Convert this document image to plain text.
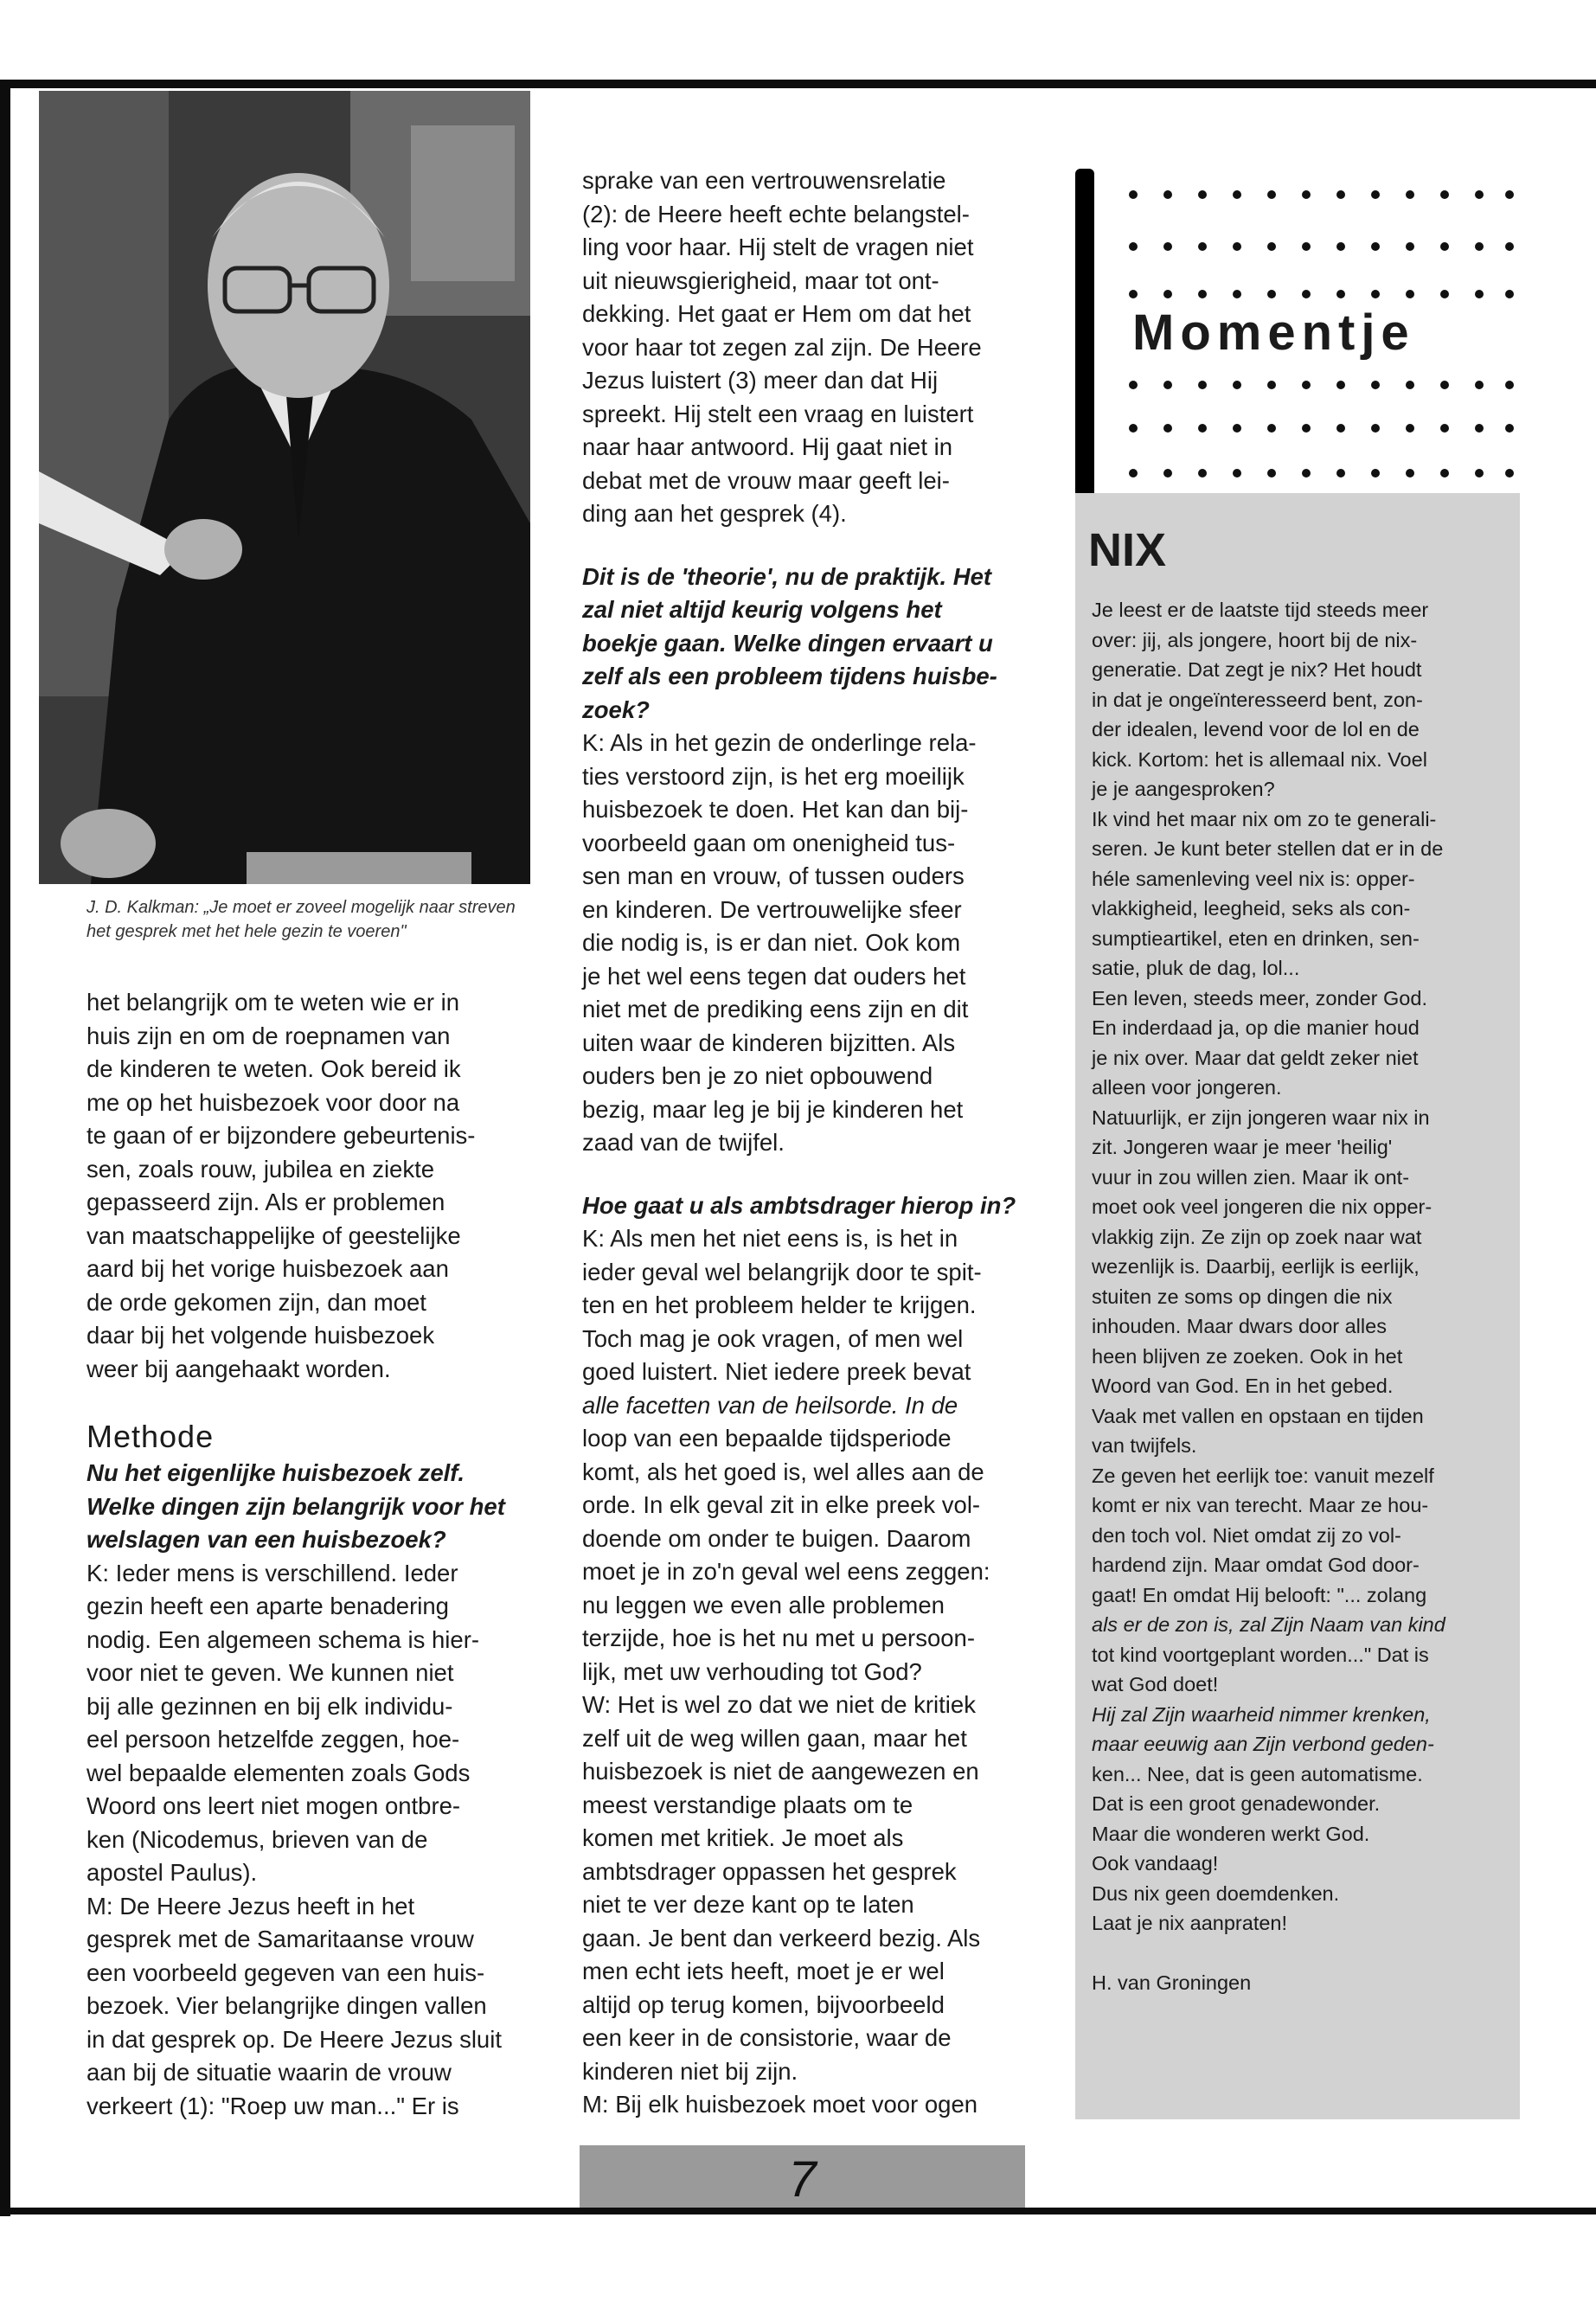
J. D. Kalkman: „Je moet er zoveel mogelijk naar streven het gesprek met het hele gezin te voeren"

het belangrijk om te weten wie er in

huis zijn en om de roepnamen van

de kinderen te weten. Ook bereid ik

me op het huisbezoek voor door na

te gaan of er bijzondere gebeurtenis-

sen, zoals rouw, jubilea en ziekte

gepasseerd zijn. Als er problemen

van maatschappelijke of geestelijke

aard bij het vorige huisbezoek aan

de orde gekomen zijn, dan moet

daar bij het volgende huisbezoek

weer bij aangehaakt worden.

Methode

Nu het eigenlijke huisbezoek zelf.

Welke dingen zijn belangrijk voor het

welslagen van een huisbezoek?

K: Ieder mens is verschillend. Ieder

gezin heeft een aparte benadering

nodig. Een algemeen schema is hier-

voor niet te geven. We kunnen niet

bij alle gezinnen en bij elk individu-

eel persoon hetzelfde zeggen, hoe-

wel bepaalde elementen zoals Gods

Woord ons leert niet mogen ontbre-

ken (Nicodemus, brieven van de

apostel Paulus).

M: De Heere Jezus heeft in het

gesprek met de Samaritaanse vrouw

een voorbeeld gegeven van een huis-

bezoek. Vier belangrijke dingen vallen

in dat gesprek op. De Heere Jezus sluit

aan bij de situatie waarin de vrouw

verkeert (1): "Roep uw man..." Er is

sprake van een vertrouwensrelatie

(2): de Heere heeft echte belangstel-

ling voor haar. Hij stelt de vragen niet

uit nieuwsgierigheid, maar tot ont-

dekking. Het gaat er Hem om dat het

voor haar tot zegen zal zijn. De Heere

Jezus luistert (3) meer dan dat Hij

spreekt. Hij stelt een vraag en luistert

naar haar antwoord. Hij gaat niet in

debat met de vrouw maar geeft lei-

ding aan het gesprek (4).

Dit is de 'theorie', nu de praktijk. Het

zal niet altijd keurig volgens het

boekje gaan. Welke dingen ervaart u

zelf als een probleem tijdens huisbe-

zoek?

K: Als in het gezin de onderlinge rela-

ties verstoord zijn, is het erg moeilijk

huisbezoek te doen. Het kan dan bij-

voorbeeld gaan om onenigheid tus-

sen man en vrouw, of tussen ouders

en kinderen. De vertrouwelijke sfeer

die nodig is, is er dan niet. Ook kom

je het wel eens tegen dat ouders het

niet met de prediking eens zijn en dit

uiten waar de kinderen bijzitten. Als

ouders ben je zo niet opbouwend

bezig, maar leg je bij je kinderen het

zaad van de twijfel.

Hoe gaat u als ambtsdrager hierop in?

K: Als men het niet eens is, is het in

ieder geval wel belangrijk door te spit-

ten en het probleem helder te krijgen.

Toch mag je ook vragen, of men wel

goed luistert. Niet iedere preek bevat

alle facetten van de heilsorde. In de

loop van een bepaalde tijdsperiode

komt, als het goed is, wel alles aan de

orde. In elk geval zit in elke preek vol-

doende om onder te buigen. Daarom

moet je in zo'n geval wel eens zeggen:

nu leggen we even alle problemen

terzijde, hoe is het nu met u persoon-

lijk, met uw verhouding tot God?

W: Het is wel zo dat we niet de kritiek

zelf uit de weg willen gaan, maar het

huisbezoek is niet de aangewezen en

meest verstandige plaats om te

komen met kritiek. Je moet als

ambtsdrager oppassen het gesprek

niet te ver deze kant op te laten

gaan. Je bent dan verkeerd bezig. Als

men echt iets heeft, moet je er wel

altijd op terug komen, bijvoorbeeld

een keer in de consistorie, waar de

kinderen niet bij zijn.

M: Bij elk huisbezoek moet voor ogen

Momentje
NIX

Je leest er de laatste tijd steeds meer

over: jij, als jongere, hoort bij de nix-

generatie. Dat zegt je nix? Het houdt

in dat je ongeïnteresseerd bent, zon-

der idealen, levend voor de lol en de

kick. Kortom: het is allemaal nix. Voel

je je aangesproken?

Ik vind het maar nix om zo te generali-

seren. Je kunt beter stellen dat er in de

héle samenleving veel nix is: opper-

vlakkigheid, leegheid, seks als con-

sumptieartikel, eten en drinken, sen-

satie, pluk de dag, lol...

Een leven, steeds meer, zonder God.

En inderdaad ja, op die manier houd

je nix over. Maar dat geldt zeker niet

alleen voor jongeren.

Natuurlijk, er zijn jongeren waar nix in

zit. Jongeren waar je meer 'heilig'

vuur in zou willen zien. Maar ik ont-

moet ook veel jongeren die nix opper-

vlakkig zijn. Ze zijn op zoek naar wat

wezenlijk is. Daarbij, eerlijk is eerlijk,

stuiten ze soms op dingen die nix

inhouden. Maar dwars door alles

heen blijven ze zoeken. Ook in het

Woord van God. En in het gebed.

Vaak met vallen en opstaan en tijden

van twijfels.

Ze geven het eerlijk toe: vanuit mezelf

komt er nix van terecht. Maar ze hou-

den toch vol. Niet omdat zij zo vol-

hardend zijn. Maar omdat God door-

gaat! En omdat Hij belooft: "... zolang

als er de zon is, zal Zijn Naam van kind

tot kind voortgeplant worden..." Dat is

wat God doet!

Hij zal Zijn waarheid nimmer krenken,

maar eeuwig aan Zijn verbond geden-

ken... Nee, dat is geen automatisme.

Dat is een groot genadewonder.

Maar die wonderen werkt God.

Ook vandaag!

Dus nix geen doemdenken.

Laat je nix aanpraten!

H. van Groningen

7
